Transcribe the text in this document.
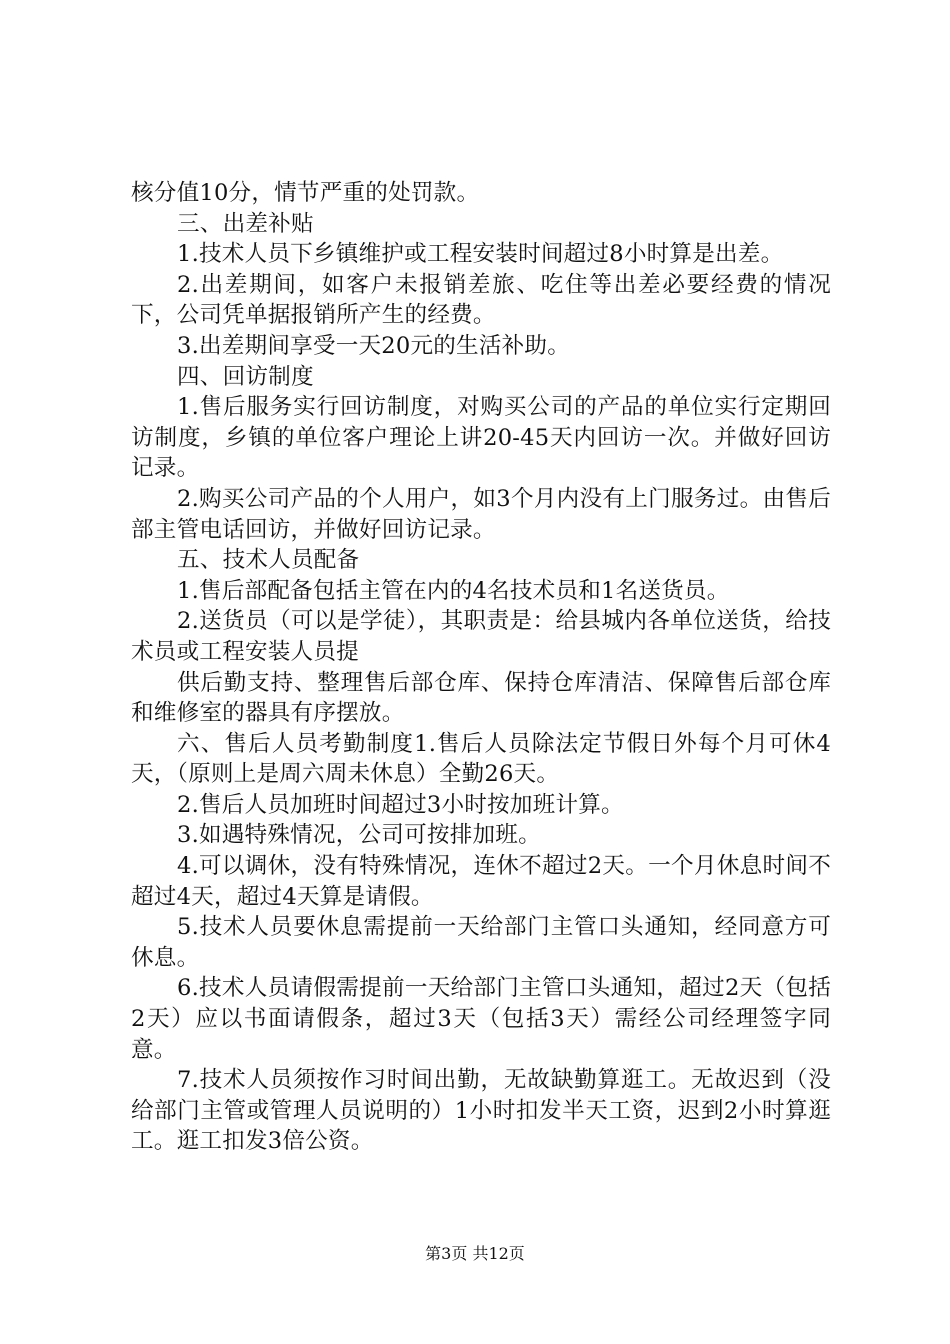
核分值10分，情节严重的处罚款。

三、出差补贴

1.技术人员下乡镇维护或工程安装时间超过8小时算是出差。

2.出差期间，如客户未报销差旅、吃住等出差必要经费的情况下，公司凭单据报销所产生的经费。

3.出差期间享受一天20元的生活补助。

四、回访制度

1.售后服务实行回访制度，对购买公司的产品的单位实行定期回访制度，乡镇的单位客户理论上讲20-45天内回访一次。并做好回访记录。

2.购买公司产品的个人用户，如3个月内没有上门服务过。由售后部主管电话回访，并做好回访记录。

五、技术人员配备

1.售后部配备包括主管在内的4名技术员和1名送货员。

2.送货员（可以是学徒），其职责是：给县城内各单位送货，给技术员或工程安装人员提

供后勤支持、整理售后部仓库、保持仓库清洁、保障售后部仓库和维修室的器具有序摆放。

六、售后人员考勤制度1.售后人员除法定节假日外每个月可休4天，（原则上是周六周未休息）全勤26天。

2.售后人员加班时间超过3小时按加班计算。

3.如遇特殊情况，公司可按排加班。

4.可以调休，没有特殊情况，连休不超过2天。一个月休息时间不超过4天，超过4天算是请假。

5.技术人员要休息需提前一天给部门主管口头通知，经同意方可休息。

6.技术人员请假需提前一天给部门主管口头通知，超过2天（包括2天）应以书面请假条，超过3天（包括3天）需经公司经理签字同意。

7.技术人员须按作习时间出勤，无故缺勤算逛工。无故迟到（没给部门主管或管理人员说明的）1小时扣发半天工资，迟到2小时算逛工。逛工扣发3倍公资。

第3页 共12页
